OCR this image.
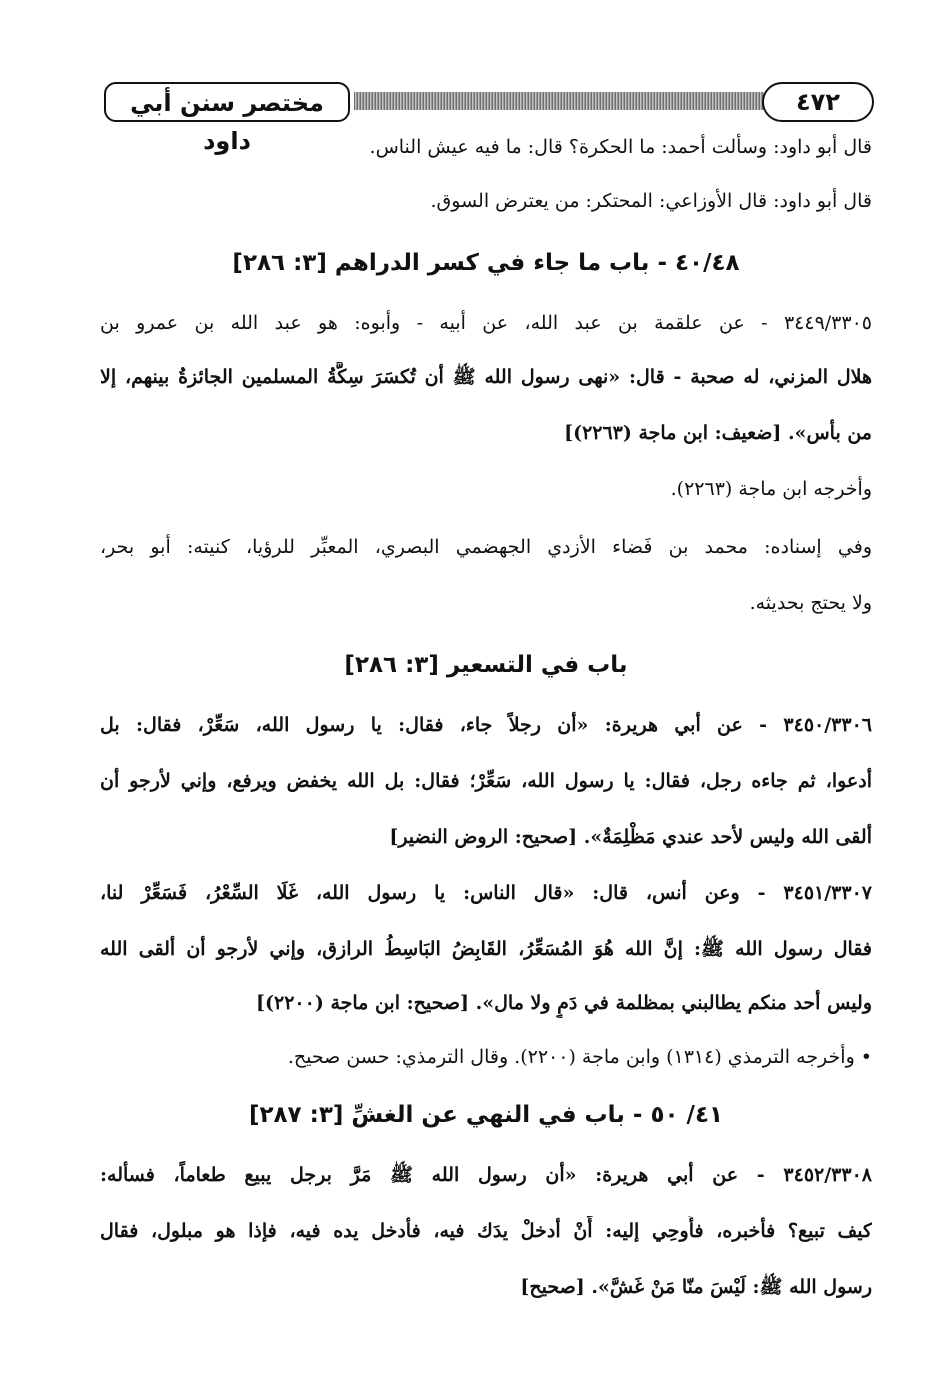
مختصر سنن أبي داود
٤٧٢
قال أبو داود: وسألت أحمد: ما الحكرة؟ قال: ما فيه عيش الناس.
قال أبو داود: قال الأوزاعي: المحتكر: من يعترض السوق.
٤٠/٤٨ - باب ما جاء في كسر الدراهم [٣: ٢٨٦]
٣٤٤٩/٣٣٠٥ - عن علقمة بن عبد الله، عن أبيه - وأبوه: هو عبد الله بن عمرو بن
هلال المزني، له صحبة - قال: «نهى رسول الله ﷺ أن تُكسَرَ سِكَّةُ المسلمين الجائزةُ بينهم، إلا
من بأس». [ضعيف: ابن ماجة (٢٢٦٣)]
وأخرجه ابن ماجة (٢٢٦٣).
وفي إسناده: محمد بن فَضاء الأزدي الجهضمي البصري، المعبِّر للرؤيا، كنيته: أبو بحر،
ولا يحتج بحديثه.
باب في التسعير [٣: ٢٨٦]
٣٤٥٠/٣٣٠٦ - عن أبي هريرة: «أن رجلاً جاء، فقال: يا رسول الله، سَعِّرْ، فقال: بل
أدعوا، ثم جاءه رجل، فقال: يا رسول الله، سَعِّرْ؛ فقال: بل الله يخفض ويرفع، وإني لأرجو أن
ألقى الله وليس لأحد عندي مَظْلِمَةٌ». [صحيح: الروض النضير]
٣٤٥١/٣٣٠٧ - وعن أنس، قال: «قال الناس: يا رسول الله، غَلَا السِّعْرُ، فَسَعِّرْ لنا،
فقال رسول الله ﷺ: إنَّ الله هُوَ المُسَعِّرُ، القَابِضُ البَاسِطُ الرازق، وإني لأرجو أن ألقى الله
وليس أحد منكم يطالبني بمظلمة في دَمٍ ولا مال». [صحيح: ابن ماجة (٢٢٠٠)]
• وأخرجه الترمذي (١٣١٤) وابن ماجة (٢٢٠٠). وقال الترمذي: حسن صحيح.
٤١/ ٥٠ - باب في النهي عن الغشِّ [٣: ٢٨٧]
٣٤٥٢/٣٣٠٨ - عن أبي هريرة: «أن رسول الله ﷺ مَرَّ برجل يبيع طعاماً، فسأله:
كيف تبيع؟ فأخبره، فأُوحِي إليه: أَنْ أدخلْ يدَك فيه، فأدخل يده فيه، فإذا هو مبلول، فقال
رسول الله ﷺ: لَيْسَ منّا مَنْ غَشَّ». [صحيح]
